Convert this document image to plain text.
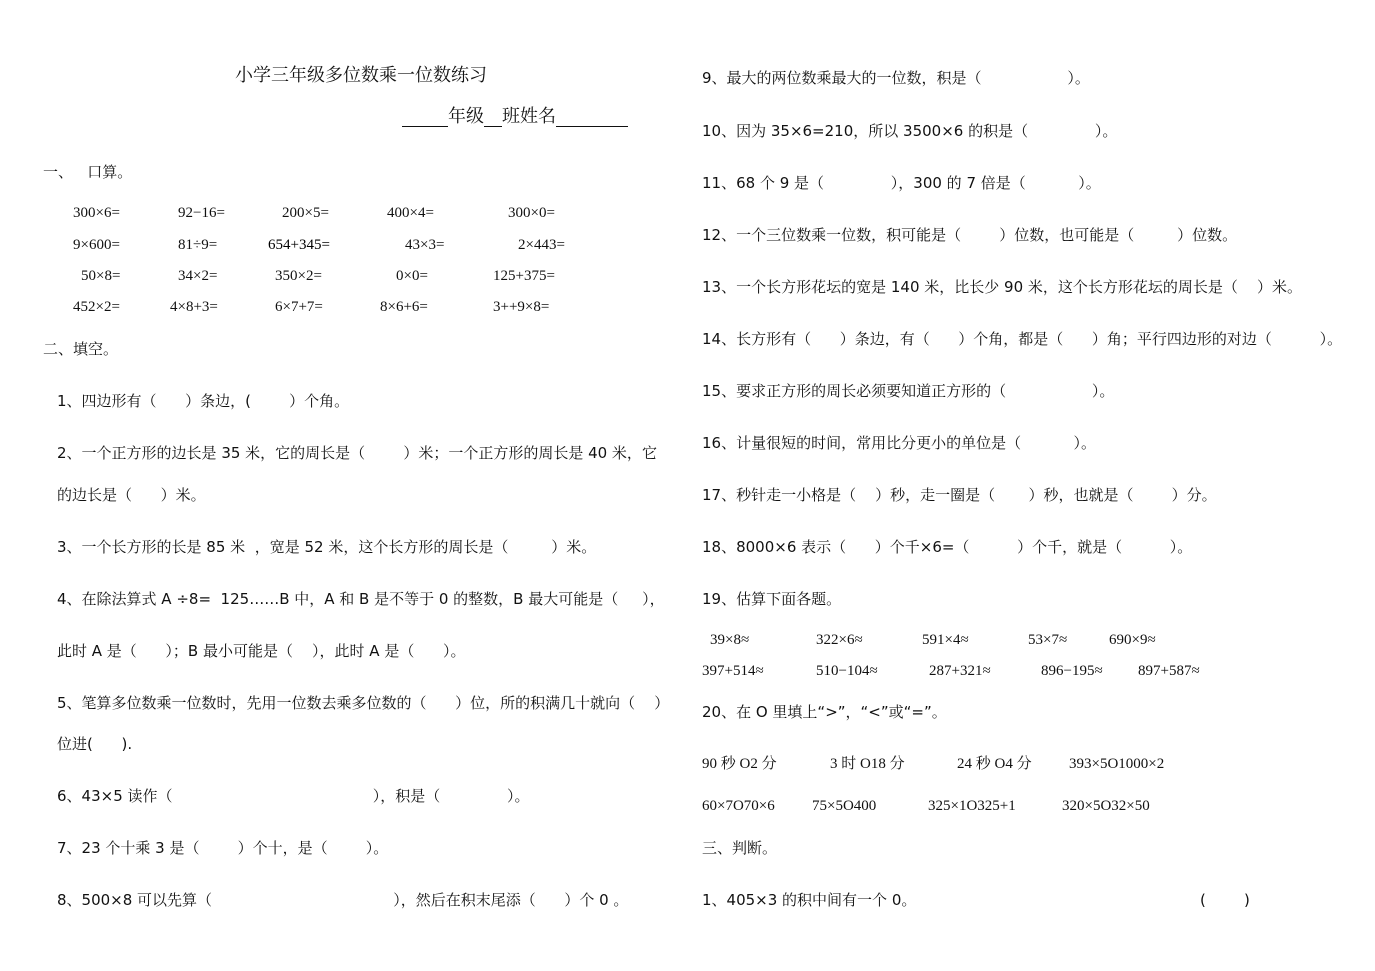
小学三年级多位数乘一位数练习
年级 班姓名
一、   口算。
300×6=	92−16=	200×5=	400×4=	300×0=
9×600=	81÷9=	654+345=	43×3=	2×443=
50×8=	34×2=	350×2=	0×0=	125+375=
452×2=	4×8+3=	6×7+7=	8×6+6=	3++9×8=
二、填空。
1、四边形有（      ）条边，(        ）个角。
2、一个正方形的边长是 35 米，它的周长是（        ）米；一个正方形的周长是 40 米，它
的边长是（      ）米。
3、一个长方形的长是 85 米  ，宽是 52 米，这个长方形的周长是（         ）米。
4、在除法算式 A ÷8=  125……B 中，A 和 B 是不等于 0 的整数，B 最大可能是（     ），
此时 A 是（      ）；B 最小可能是（    ），此时 A 是（      ）。
5、笔算多位数乘一位数时，先用一位数去乘多位数的（      ）位，所的积满几十就向（    ）
位进(      ).
6、43×5 读作（                                          ），积是（              ）。
7、23 个十乘 3 是（        ）个十，是（        ）。
8、500×8 可以先算（                                      ），然后在积末尾添（      ）个 0 。
9、最大的两位数乘最大的一位数，积是（                  ）。
10、因为 35×6=210，所以 3500×6 的积是（              ）。
11、68 个 9 是（              ），300 的 7 倍是（           ）。
12、一个三位数乘一位数，积可能是（        ）位数，也可能是（         ）位数。
13、一个长方形花坛的宽是 140 米，比长少 90 米，这个长方形花坛的周长是（    ）米。
14、长方形有（      ）条边，有（      ）个角，都是（      ）角；平行四边形的对边（          ）。
15、要求正方形的周长必须要知道正方形的（                  ）。
16、计量很短的时间，常用比分更小的单位是（           ）。
17、秒针走一小格是（    ）秒，走一圈是（       ）秒，也就是（        ）分。
18、8000×6 表示（      ）个千×6=（          ）个千，就是（          ）。
19、估算下面各题。
39×8≈	322×6≈	591×4≈	53×7≈	690×9≈
397+514≈	510−104≈	287+321≈	896−195≈ 897+587≈
20、在 O 里填上“>”，“<”或“=”。
90 秒 O2 分	3 时 O18 分	24 秒 O4 分 393×5O1000×2
60×7O70×6 75×5O400	325×1O325+1	320×5O32×50
三、判断。
1、405×3 的积中间有一个 0。	(        )
